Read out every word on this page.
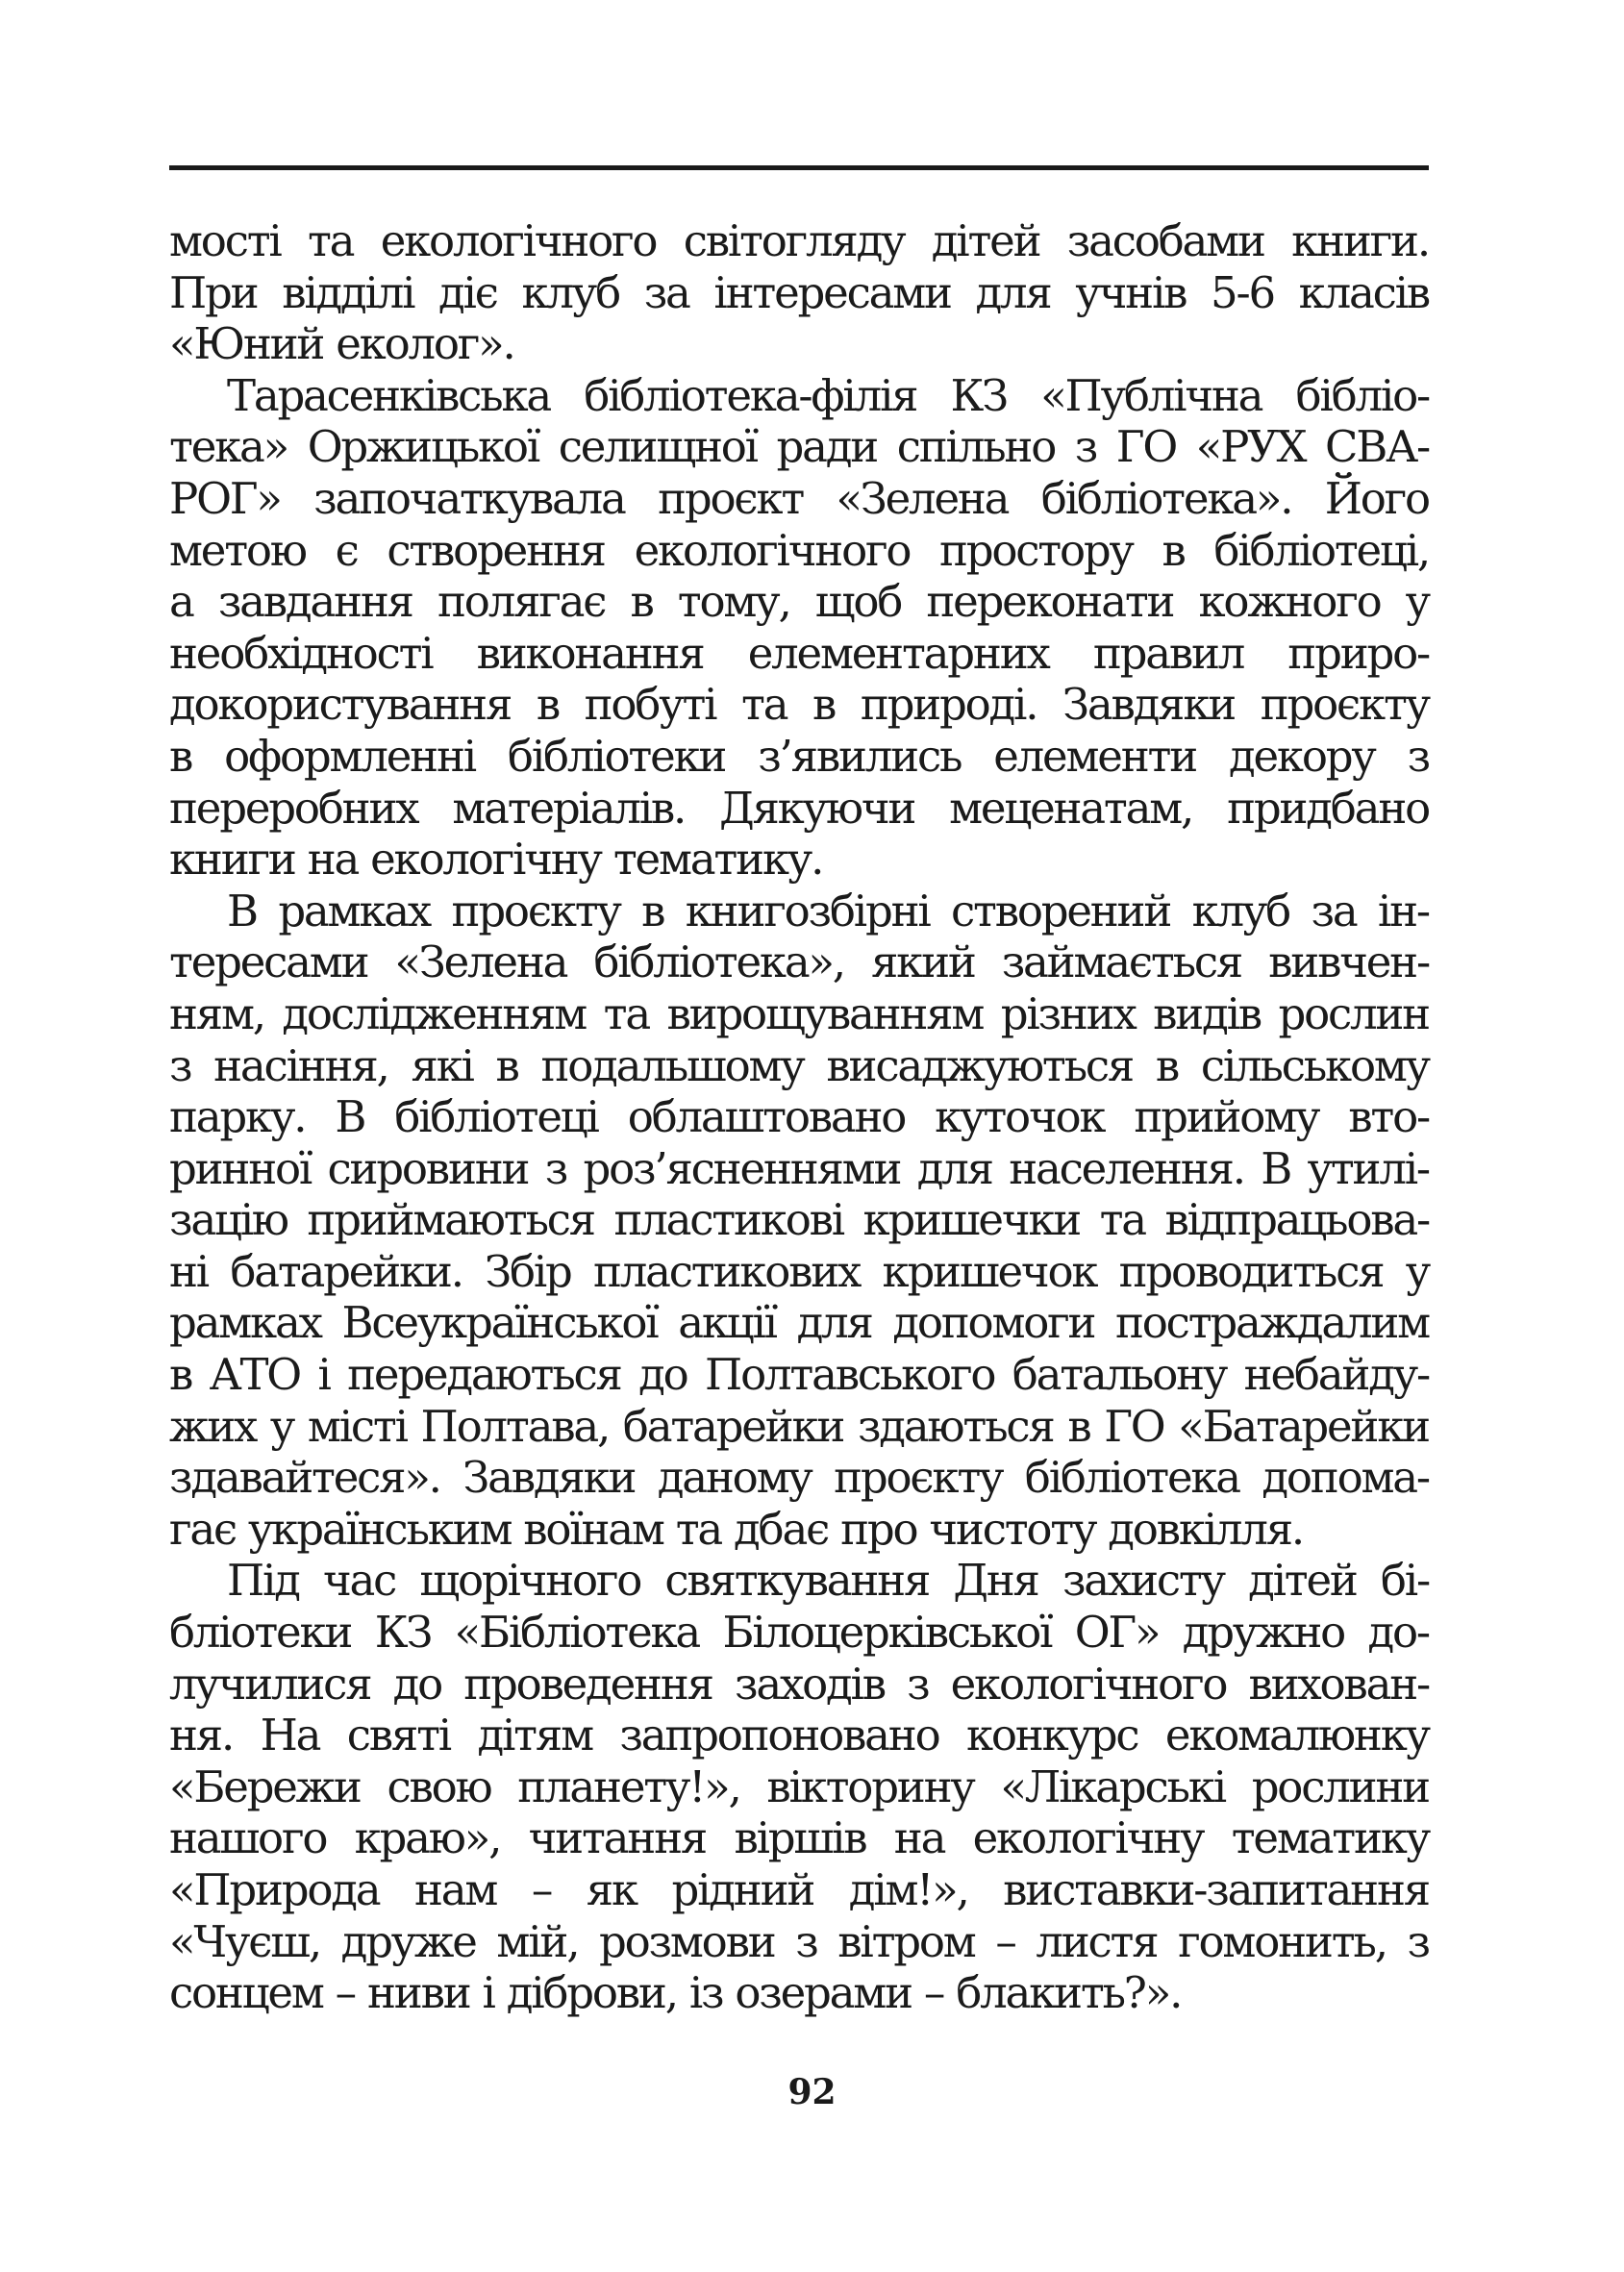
мості та екологічного світогляду дітей засобами книги.
При відділі діє клуб за інтересами для учнів 5-6 класів
«Юний еколог».
Тарасенківська бібліотека-філія КЗ «Публічна бібліо-
тека» Оржицької селищної ради спільно з ГО «РУХ СВА-
РОГ» започаткувала проєкт «Зелена бібліотека». Його
метою є створення екологічного простору в бібліотеці,
а завдання полягає в тому, щоб переконати кожного у
необхідності виконання елементарних правил приро-
докористування в побуті та в природі. Завдяки проєкту
в оформленні бібліотеки з’явились елементи декору з
переробних матеріалів. Дякуючи меценатам, придбано
книги на екологічну тематику.
В рамках проєкту в книгозбірні створений клуб за ін-
тересами «Зелена бібліотека», який займається вивчен-
ням, дослідженням та вирощуванням різних видів рослин
з насіння, які в подальшому висаджуються в сільському
парку. В бібліотеці облаштовано куточок прийому вто-
ринної сировини з роз’ясненнями для населення. В утилі-
зацію приймаються пластикові кришечки та відпрацьова-
ні батарейки. Збір пластикових кришечок проводиться у
рамках Всеукраїнської акції для допомоги постраждалим
в АТО і передаються до Полтавського батальону небайду-
жих у місті Полтава, батарейки здаються в ГО «Батарейки
здавайтеся». Завдяки даному проєкту бібліотека допома-
гає українським воїнам та дбає про чистоту довкілля.
Під час щорічного святкування Дня захисту дітей бі-
бліотеки КЗ «Бібліотека Білоцерківської ОГ» дружно до-
лучилися до проведення заходів з екологічного вихован-
ня. На святі дітям запропоновано конкурс екомалюнку
«Бережи свою планету!», вікторину «Лікарські рослини
нашого краю», читання віршів на екологічну тематику
«Природа нам – як рідний дім!», виставки-запитання
«Чуєш, друже мій, розмови з вітром – листя гомонить, з
сонцем – ниви і діброви, із озерами – блакить?».
92
